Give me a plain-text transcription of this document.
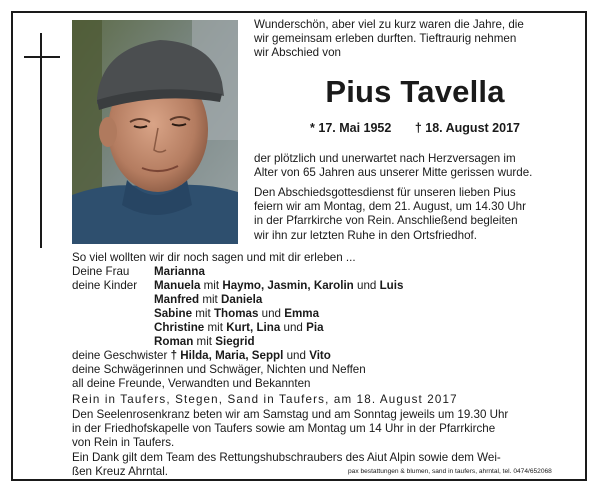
Wunderschön, aber viel zu kurz waren die Jahre, die
wir gemeinsam erleben durften. Tieftraurig nehmen
wir Abschied von
Pius Tavella
* 17. Mai 1952 † 18. August 2017
der plötzlich und unerwartet nach Herzversagen im
Alter von 65 Jahren aus unserer Mitte gerissen wurde.
Den Abschiedsgottesdienst für unseren lieben Pius
feiern wir am Montag, dem 21. August, um 14.30 Uhr
in der Pfarrkirche von Rein. Anschließend begleiten
wir ihn zur letzten Ruhe in den Ortsfriedhof.
So viel wollten wir dir noch sagen und mit dir erleben ...
Deine Frau Marianna
deine Kinder Manuela mit Haymo, Jasmin, Karolin und Luis
Manfred mit Daniela
Sabine mit Thomas und Emma
Christine mit Kurt, Lina und Pia
Roman mit Siegrid
deine Geschwister † Hilda, Maria, Seppl und Vito
deine Schwägerinnen und Schwäger, Nichten und Neffen
all deine Freunde, Verwandten und Bekannten
Rein in Taufers, Stegen, Sand in Taufers, am 18. August 2017
Den Seelenrosenkranz beten wir am Samstag und am Sonntag jeweils um 19.30 Uhr
in der Friedhofskapelle von Taufers sowie am Montag um 14 Uhr in der Pfarrkirche
von Rein in Taufers.
Ein Dank gilt dem Team des Rettungshubschraubers des Aiut Alpin sowie dem Wei-
ßen Kreuz Ahrntal.	pax bestattungen & blumen, sand in taufers, ahrntal, tel. 0474/652068
